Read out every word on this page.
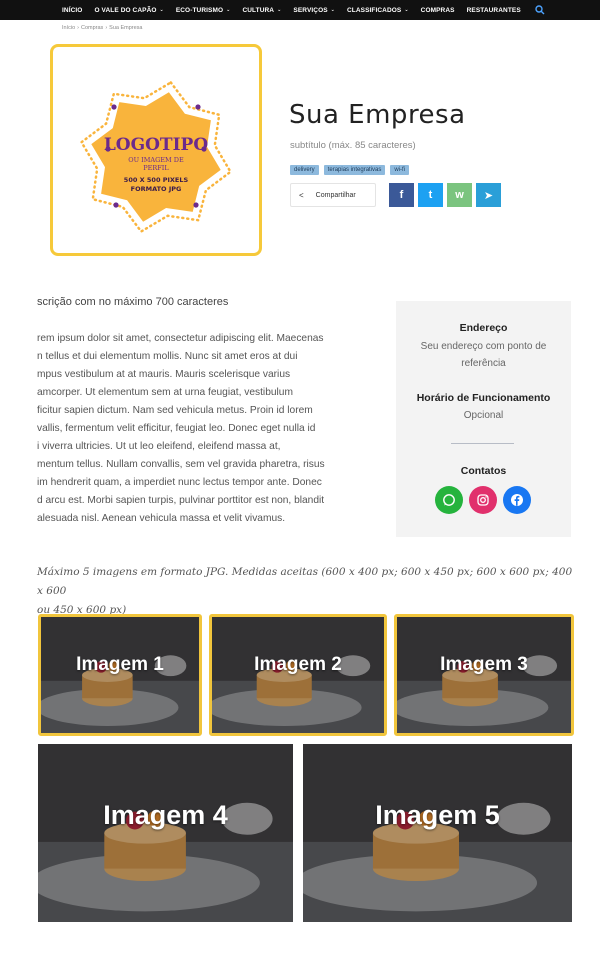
INÍCIO O VALE DO CAPÃO ⌄ ECO-TURISMO ⌄ CULTURA ⌄ SERVIÇOS ⌄ CLASSIFICADOS ⌄ COMPRAS RESTAURANTES
Início › Compras › Sua Empresa
LOGOTIPO
OU IMAGEM DE
PERFIL
500 X 500 PIXELS
FORMATO JPG
Sua Empresa
subtítulo (máx. 85 caracteres)
delivery	terapias integrativas	wi-fi
< Compartilhar	f t w ➤
scrição com no máximo 700 caracteres

rem ipsum dolor sit amet, consectetur adipiscing elit. Maecenas

n tellus et dui elementum mollis. Nunc sit amet eros at dui

mpus vestibulum at at mauris. Mauris scelerisque varius

amcorper. Ut elementum sem at urna feugiat, vestibulum

ficitur sapien dictum. Nam sed vehicula metus. Proin id lorem

vallis, fermentum velit efficitur, feugiat leo. Donec eget nulla id

i viverra ultricies. Ut ut leo eleifend, eleifend massa at,

mentum tellus. Nullam convallis, sem vel gravida pharetra, risus

im hendrerit quam, a imperdiet nunc lectus tempor ante. Donec

d arcu est. Morbi sapien turpis, pulvinar porttitor est non, blandit

alesuada nisl. Aenean vehicula massa et velit vivamus.

Endereço
Seu endereço com ponto de
referência
Horário de Funcionamento
Opcional
Contatos
Máximo 5 imagens em formato JPG. Medidas aceitas (600 x 400 px; 600 x 450 px; 600 x 600 px; 400 x 600
ou 450 x 600 px)
Imagem 1	Imagem 2	Imagem 3
Imagem 4	Imagem 5
